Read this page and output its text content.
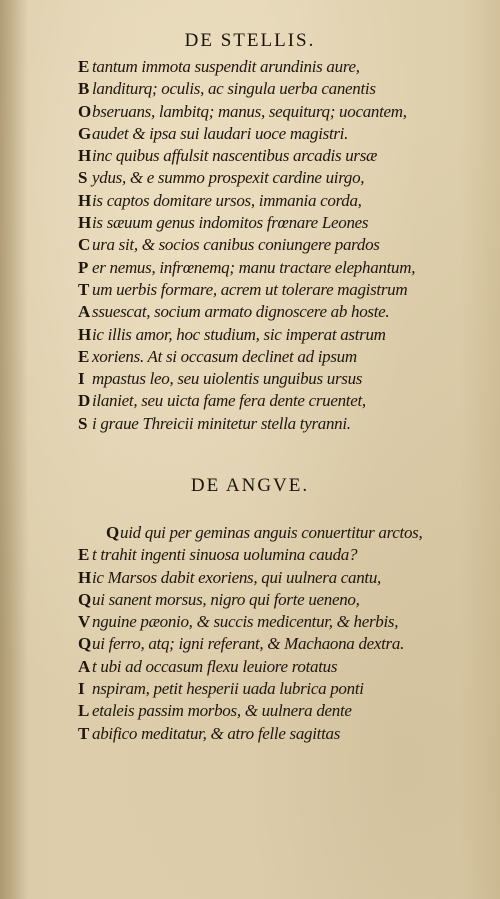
DE STELLIS.
E tantum immota suspendit arundinis aure,
B landiturq; oculis, ac singula uerba canentis
Obseruans, lambitq; manus, sequiturq; uocantem,
Gaudet & ipsa sui laudari uoce magistri.
Hinc quibus affulsit nascentibus arcadis ursæ
S ydus, & e summo prospexit cardine uirgo,
His captos domitare ursos, immania corda,
His sæuum genus indomitos frœnare Leones
C ura sit, & socios canibus coniungere pardos
P er nemus, infrœnemq; manu tractare elephantum,
T um uerbis formare, acrem ut tolerare magistrum
A ssuescat, socium armato dignoscere ab hoste.
Hic illis amor, hoc studium, sic imperat astrum
E xoriens. At si occasum declinet ad ipsum
I mpastus leo, seu uiolentis unguibus ursus
D ilaniet, seu uicta fame fera dente cruentet,
S i graue Threicii minitetur stella tyranni.
DE ANGVE.
Quid qui per geminas anguis conuertitur arctos,
E t trahit ingenti sinuosa uolumina cauda?
Hic Marsos dabit exoriens, qui uulnera cantu,
Qui sanent morsus, nigro qui forte ueneno,
V nguine pæonio, & succis medicentur, & herbis,
Qui ferro, atq; igni referant, & Machaona dextra.
A t ubi ad occasum flexu leuiore rotatus
I nspiram, petit hesperii uada lubrica ponti
L etaleis passim morbos, & uulnera dente
T abifico meditatur, & atro felle sagittas
